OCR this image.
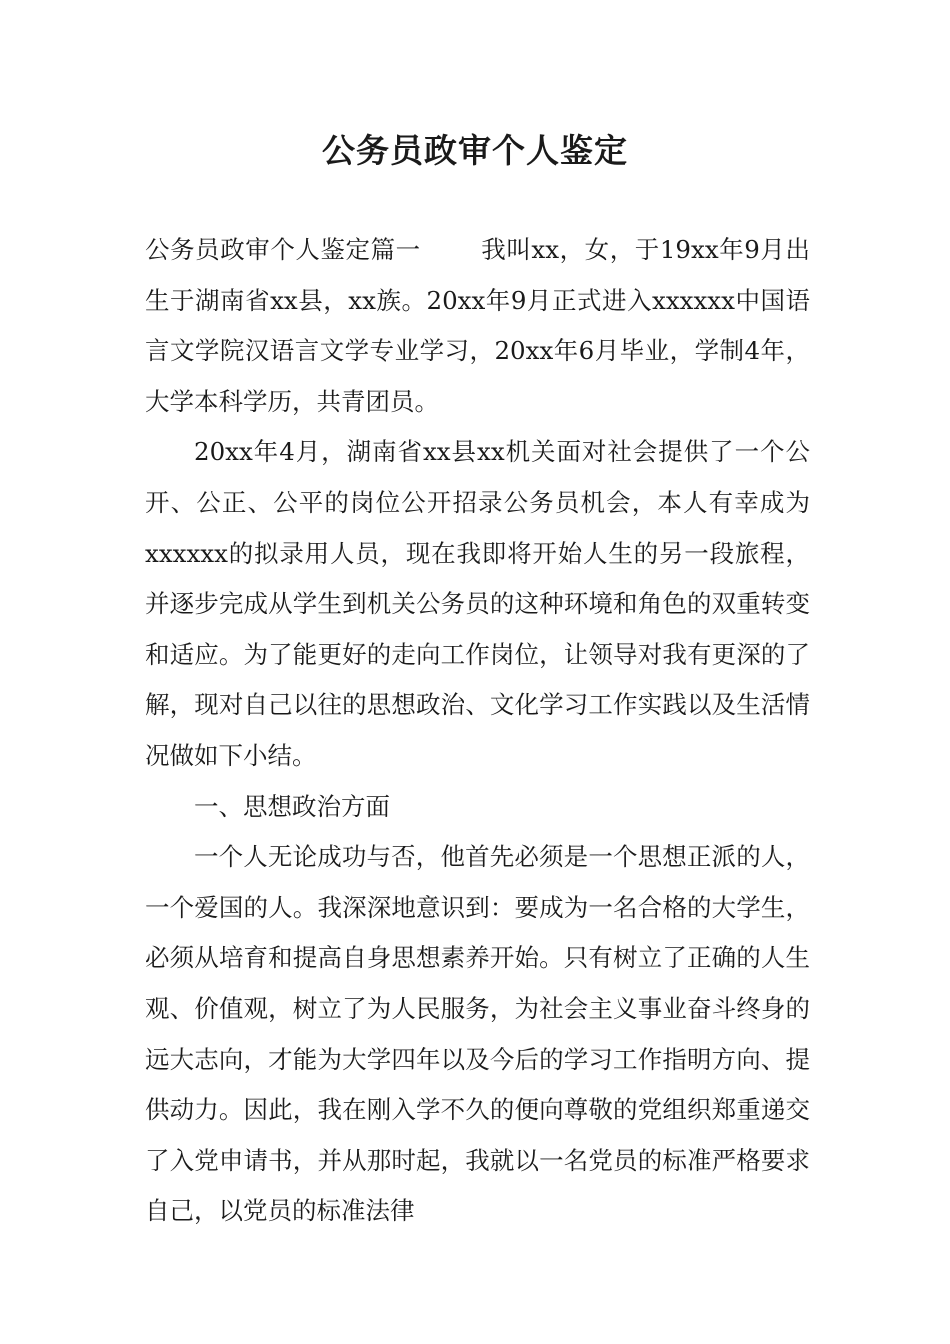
公务员政审个人鉴定

公务员政审个人鉴定篇一 我叫xx，女，于19xx年9月出生于湖南省xx县，xx族。20xx年9月正式进入xxxxxx中国语言文学院汉语言文学专业学习，20xx年6月毕业，学制4年，大学本科学历，共青团员。

20xx年4月，湖南省xx县xx机关面对社会提供了一个公开、公正、公平的岗位公开招录公务员机会，本人有幸成为xxxxxx的拟录用人员，现在我即将开始人生的另一段旅程，并逐步完成从学生到机关公务员的这种环境和角色的双重转变和适应。为了能更好的走向工作岗位，让领导对我有更深的了解，现对自己以往的思想政治、文化学习工作实践以及生活情况做如下小结。

一、思想政治方面

一个人无论成功与否，他首先必须是一个思想正派的人，一个爱国的人。我深深地意识到：要成为一名合格的大学生，必须从培育和提高自身思想素养开始。只有树立了正确的人生观、价值观，树立了为人民服务，为社会主义事业奋斗终身的远大志向，才能为大学四年以及今后的学习工作指明方向、提供动力。因此，我在刚入学不久的便向尊敬的党组织郑重递交了入党申请书，并从那时起，我就以一名党员的标准严格要求自己，以党员的标准法律
